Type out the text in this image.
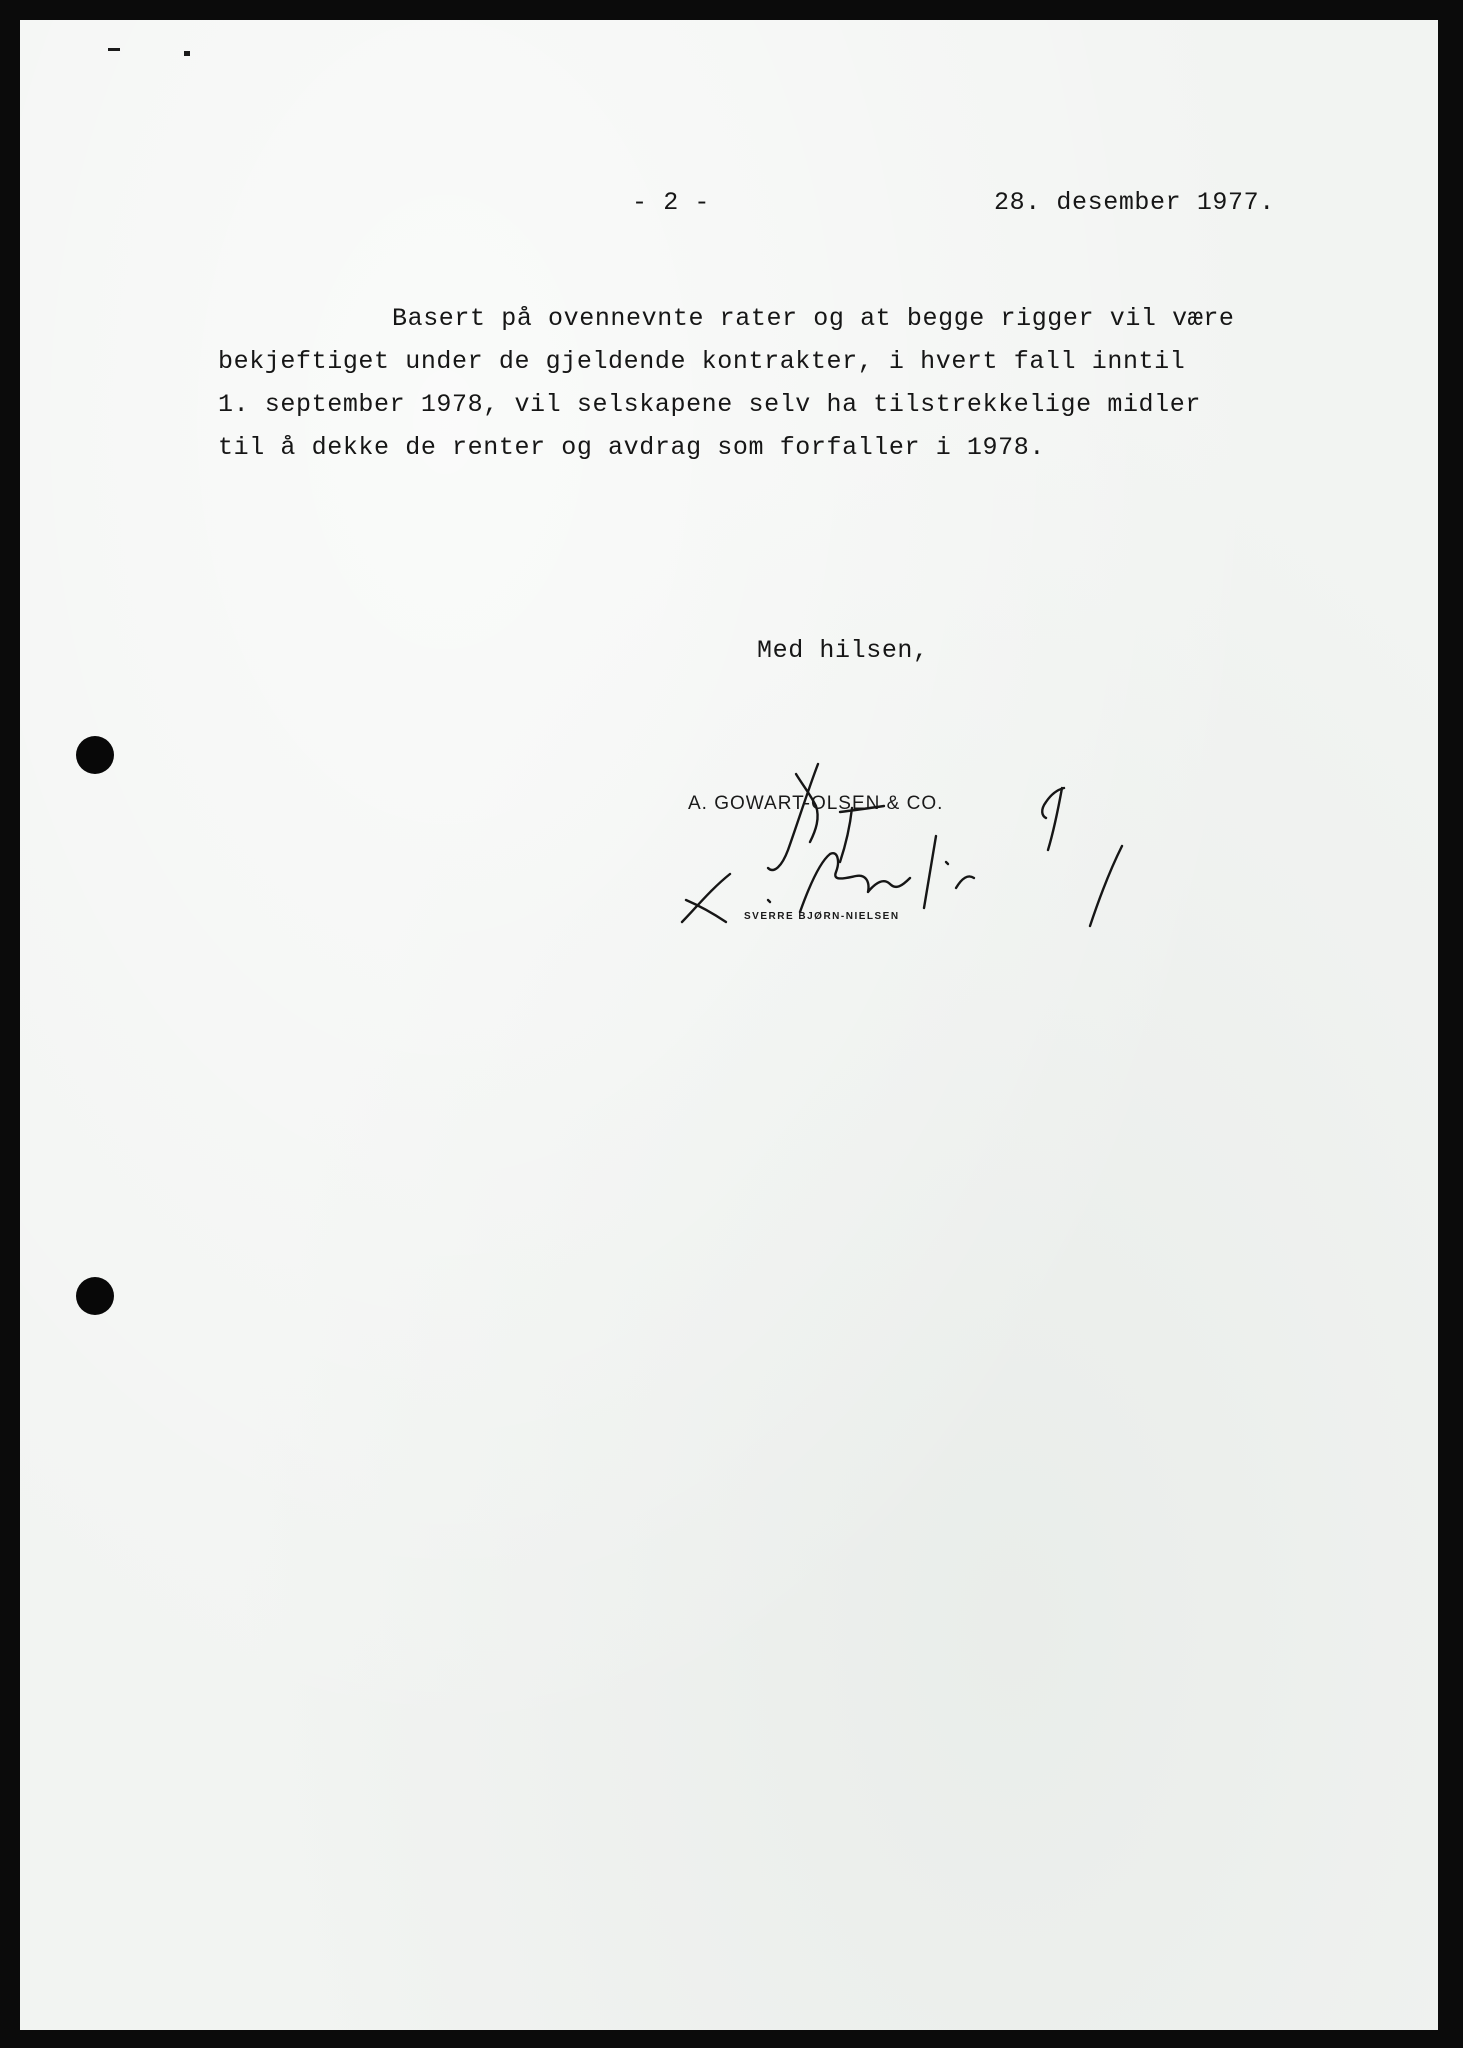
- 2 -	28. desember 1977.
Basert på ovennevnte rater og at begge rigger vil være
bekjeftiget under de gjeldende kontrakter, i hvert fall inntil
1. september 1978, vil selskapene selv ha tilstrekkelige midler
til å dekke de renter og avdrag som forfaller i 1978.
Med hilsen,
A. GOWART-OLSEN & CO.
SVERRE BJØRN-NIELSEN
